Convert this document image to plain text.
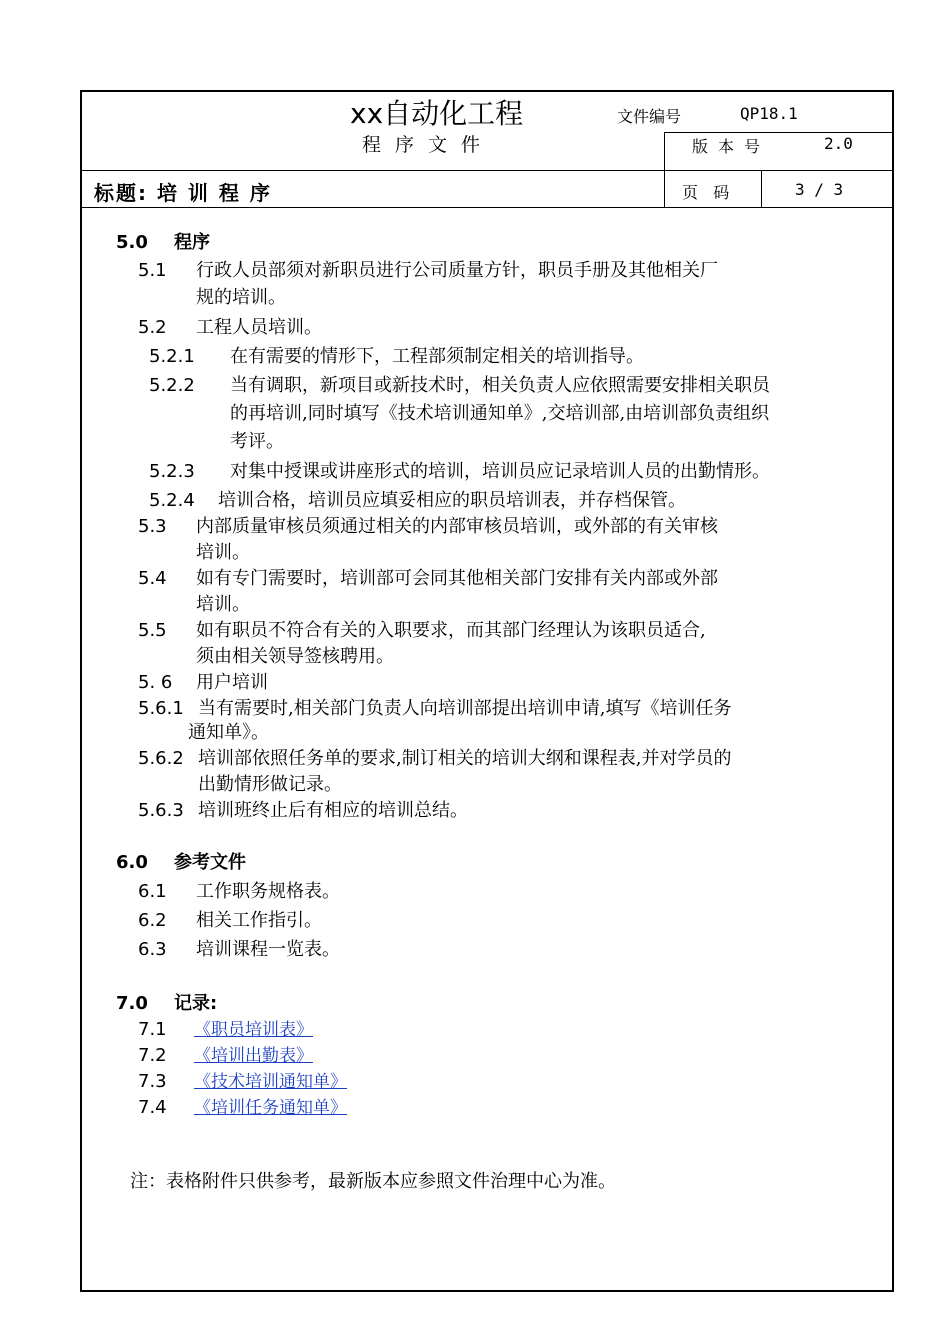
xx自动化工程
程序文件
文件编号	QP18.1
版本号	2.0
标题: 培 训 程 序	页   码	3 / 3
5.0 程序
5.1 行政人员部须对新职员进行公司质量方针，职员手册及其他相关厂
规的培训。
5.2 工程人员培训。
5.2.1 在有需要的情形下，工程部须制定相关的培训指导。
5.2.2 当有调职，新项目或新技术时，相关负责人应依照需要安排相关职员
的再培训,同时填写《技术培训通知单》,交培训部,由培训部负责组织
考评。
5.2.3 对集中授课或讲座形式的培训，培训员应记录培训人员的出勤情形。
5.2.4 培训合格，培训员应填妥相应的职员培训表，并存档保管。
5.3 内部质量审核员须通过相关的内部审核员培训，或外部的有关审核
培训。
5.4 如有专门需要时，培训部可会同其他相关部门安排有关内部或外部
培训。
5.5 如有职员不符合有关的入职要求，而其部门经理认为该职员适合,
须由相关领导签核聘用。
5. 6 用户培训
5.6.1 当有需要时,相关部门负责人向培训部提出培训申请,填写《培训任务
通知单》。
5.6.2 培训部依照任务单的要求,制订相关的培训大纲和课程表,并对学员的
出勤情形做记录。
5.6.3 培训班终止后有相应的培训总结。
6.0 参考文件
6.1 工作职务规格表。
6.2 相关工作指引。
6.3 培训课程一览表。
7.0 记录:
7.1 《职员培训表》
7.2 《培训出勤表》
7.3 《技术培训通知单》
7.4 《培训任务通知单》
注：表格附件只供参考，最新版本应参照文件治理中心为准。
